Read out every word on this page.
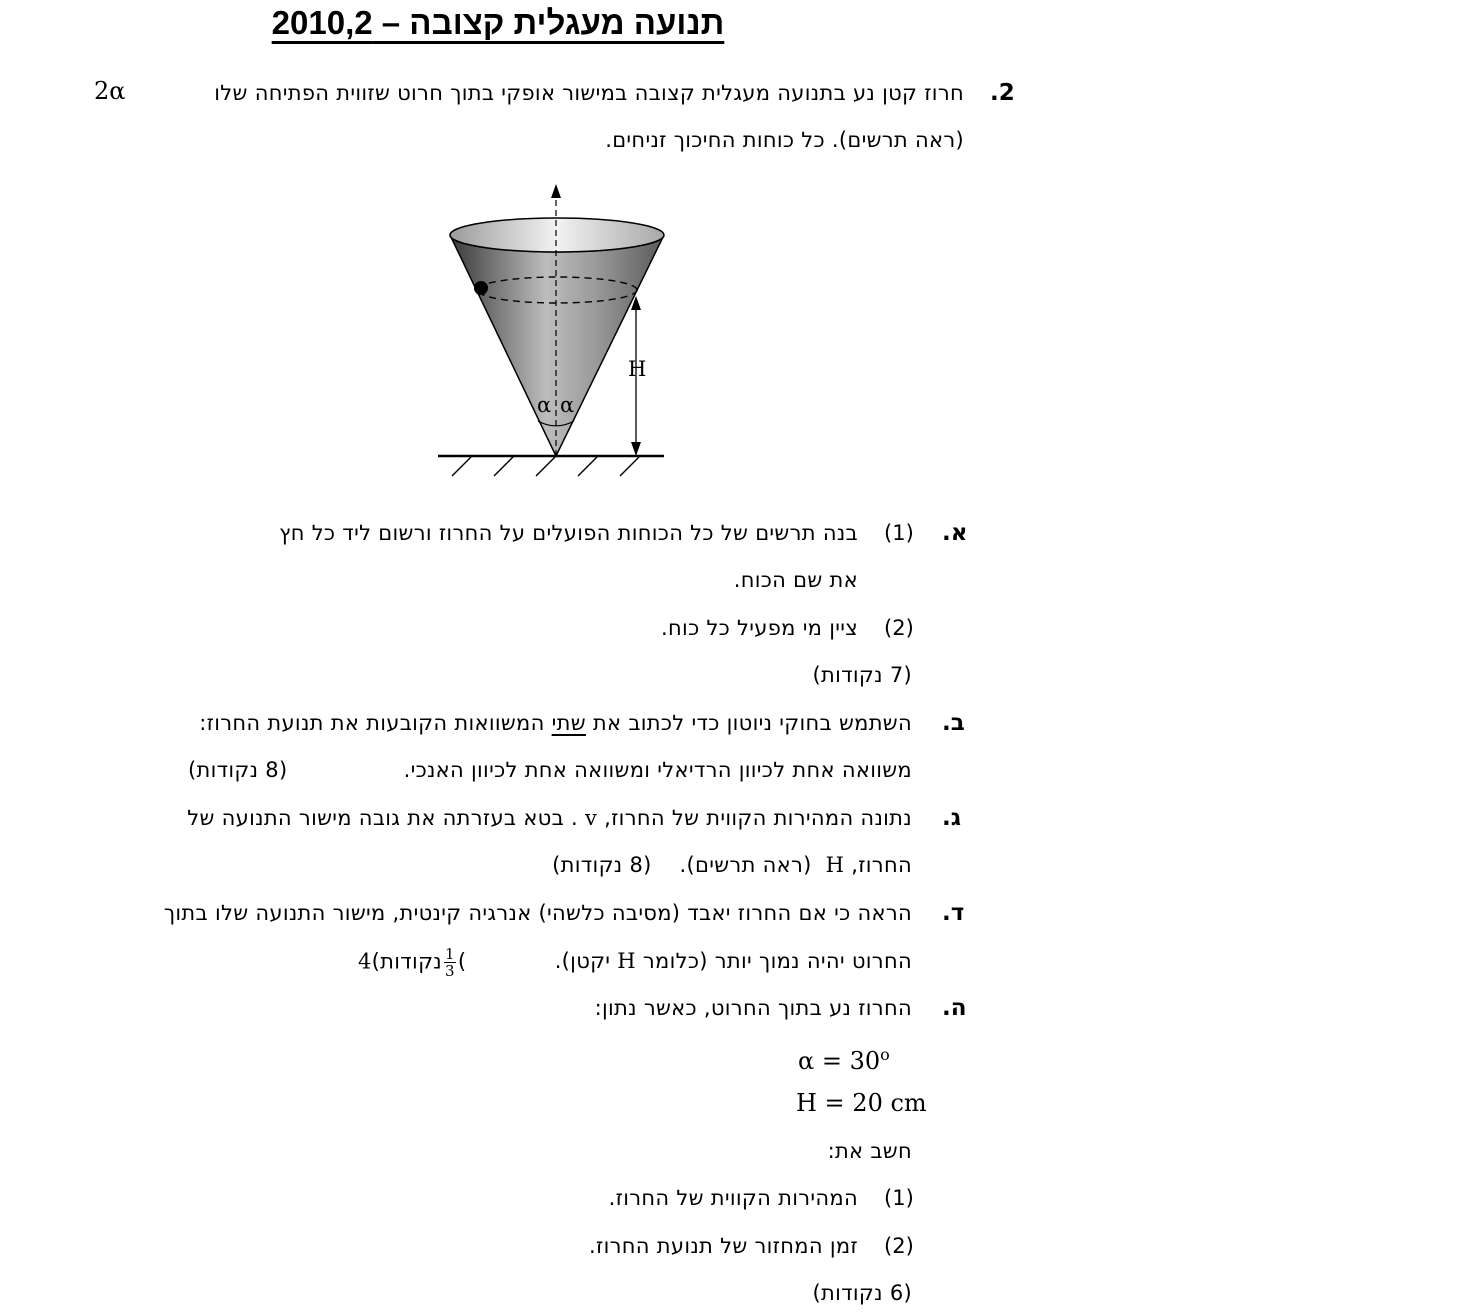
תנועה מעגלית קצובה – 2010,2
2.
חרוז קטן נע בתנועה מעגלית קצובה במישור אופקי בתוך חרוט שזווית הפתיחה שלו
2α
(ראה תרשים). כל כוחות החיכוך זניחים.
α α
H
א.
(1)
בנה תרשים של כל הכוחות הפועלים על החרוז ורשום ליד כל חץ
את שם הכוח.
(2)
ציין מי מפעיל כל כוח.
(7 נקודות)
ב.
השתמש בחוקי ניוטון כדי לכתוב את שתי המשוואות הקובעות את תנועת החרוז:
משוואה אחת לכיוון הרדיאלי ומשוואה אחת לכיוון האנכי.
(8 נקודות)
ג.
נתונה המהירות הקווית של החרוז, v . בטא בעזרתה את גובה מישור התנועה של
החרוז, H  (ראה תרשים).    (8 נקודות)
ד.
הראה כי אם החרוז יאבד (מסיבה כלשהי) אנרגיה קינטית, מישור התנועה שלו בתוך
החרוט יהיה נמוך יותר (כלומר H יקטן).
נקודות)4	$\frac{1}{3}$ (
ה.
החרוז נע בתוך החרוט, כאשר נתון:
$\alpha = 30^o$
H = 20 cm
חשב את:
(1)
המהירות הקווית של החרוז.
(2)
זמן המחזור של תנועת החרוז.
(6 נקודות)
